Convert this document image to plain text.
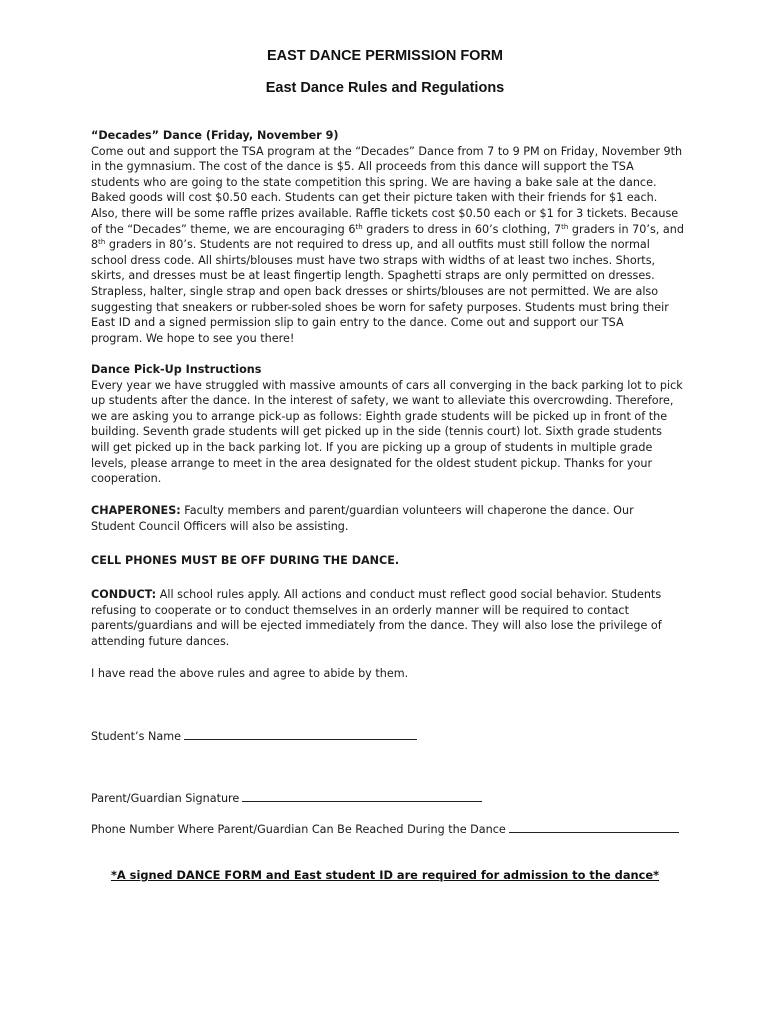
EAST DANCE PERMISSION FORM
East Dance Rules and Regulations
“Decades” Dance (Friday, November 9)
Come out and support the TSA program at the “Decades” Dance from 7 to 9 PM on Friday, November 9th
in the gymnasium. The cost of the dance is $5. All proceeds from this dance will support the TSA
students who are going to the state competition this spring. We are having a bake sale at the dance.
Baked goods will cost $0.50 each. Students can get their picture taken with their friends for $1 each.
Also, there will be some raffle prizes available. Raffle tickets cost $0.50 each or $1 for 3 tickets. Because
of the “Decades” theme, we are encouraging 6th graders to dress in 60’s clothing, 7th graders in 70’s, and
8th graders in 80’s. Students are not required to dress up, and all outfits must still follow the normal
school dress code. All shirts/blouses must have two straps with widths of at least two inches. Shorts,
skirts, and dresses must be at least fingertip length. Spaghetti straps are only permitted on dresses.
Strapless, halter, single strap and open back dresses or shirts/blouses are not permitted. We are also
suggesting that sneakers or rubber-soled shoes be worn for safety purposes. Students must bring their
East ID and a signed permission slip to gain entry to the dance. Come out and support our TSA
program. We hope to see you there!
Dance Pick-Up Instructions
Every year we have struggled with massive amounts of cars all converging in the back parking lot to pick
up students after the dance. In the interest of safety, we want to alleviate this overcrowding. Therefore,
we are asking you to arrange pick-up as follows: Eighth grade students will be picked up in front of the
building. Seventh grade students will get picked up in the side (tennis court) lot. Sixth grade students
will get picked up in the back parking lot. If you are picking up a group of students in multiple grade
levels, please arrange to meet in the area designated for the oldest student pickup. Thanks for your
cooperation.
CHAPERONES: Faculty members and parent/guardian volunteers will chaperone the dance. Our
Student Council Officers will also be assisting.
CELL PHONES MUST BE OFF DURING THE DANCE.
CONDUCT: All school rules apply. All actions and conduct must reflect good social behavior. Students
refusing to cooperate or to conduct themselves in an orderly manner will be required to contact
parents/guardians and will be ejected immediately from the dance. They will also lose the privilege of
attending future dances.
I have read the above rules and agree to abide by them.
Student’s Name
Parent/Guardian Signature
Phone Number Where Parent/Guardian Can Be Reached During the Dance
*A signed DANCE FORM and East student ID are required for admission to the dance*
